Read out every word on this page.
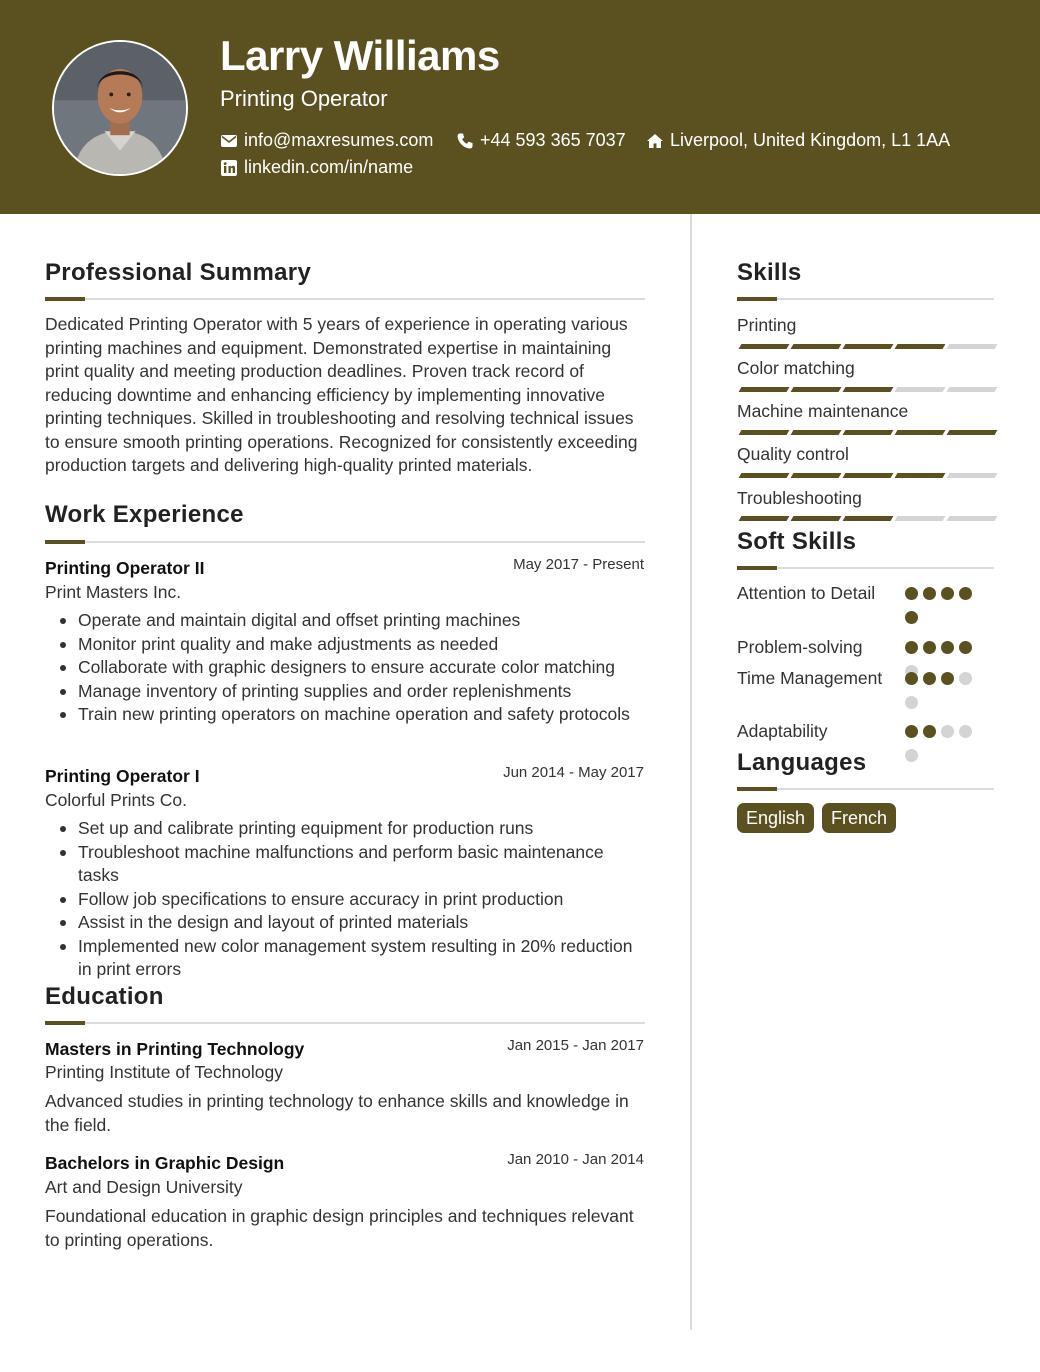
Larry Williams
Printing Operator
info@maxresumes.com	+44 593 365 7037 Liverpool, United Kingdom, L1 1AA
linkedin.com/in/name
Professional Summary
Dedicated Printing Operator with 5 years of experience in operating various printing machines and equipment. Demonstrated expertise in maintaining print quality and meeting production deadlines. Proven track record of reducing downtime and enhancing efficiency by implementing innovative printing techniques. Skilled in troubleshooting and resolving technical issues to ensure smooth printing operations. Recognized for consistently exceeding production targets and delivering high-quality printed materials.
Work Experience
Printing Operator II	May 2017 - Present
Print Masters Inc.
Operate and maintain digital and offset printing machines
Monitor print quality and make adjustments as needed
Collaborate with graphic designers to ensure accurate color matching
Manage inventory of printing supplies and order replenishments
Train new printing operators on machine operation and safety protocols
Printing Operator I	Jun 2014 - May 2017
Colorful Prints Co.
Set up and calibrate printing equipment for production runs
Troubleshoot machine malfunctions and perform basic maintenance tasks
Follow job specifications to ensure accuracy in print production
Assist in the design and layout of printed materials
Implemented new color management system resulting in 20% reduction in print errors
Education
Masters in Printing Technology	Jan 2015 - Jan 2017
Printing Institute of Technology
Advanced studies in printing technology to enhance skills and knowledge in the field.
Bachelors in Graphic Design	Jan 2010 - Jan 2014
Art and Design University
Foundational education in graphic design principles and techniques relevant to printing operations.
Skills
Printing
Color matching
Machine maintenance
Quality control
Troubleshooting
Soft Skills
Attention to Detail
Problem-solving
Time Management
Adaptability
Languages
English	French
